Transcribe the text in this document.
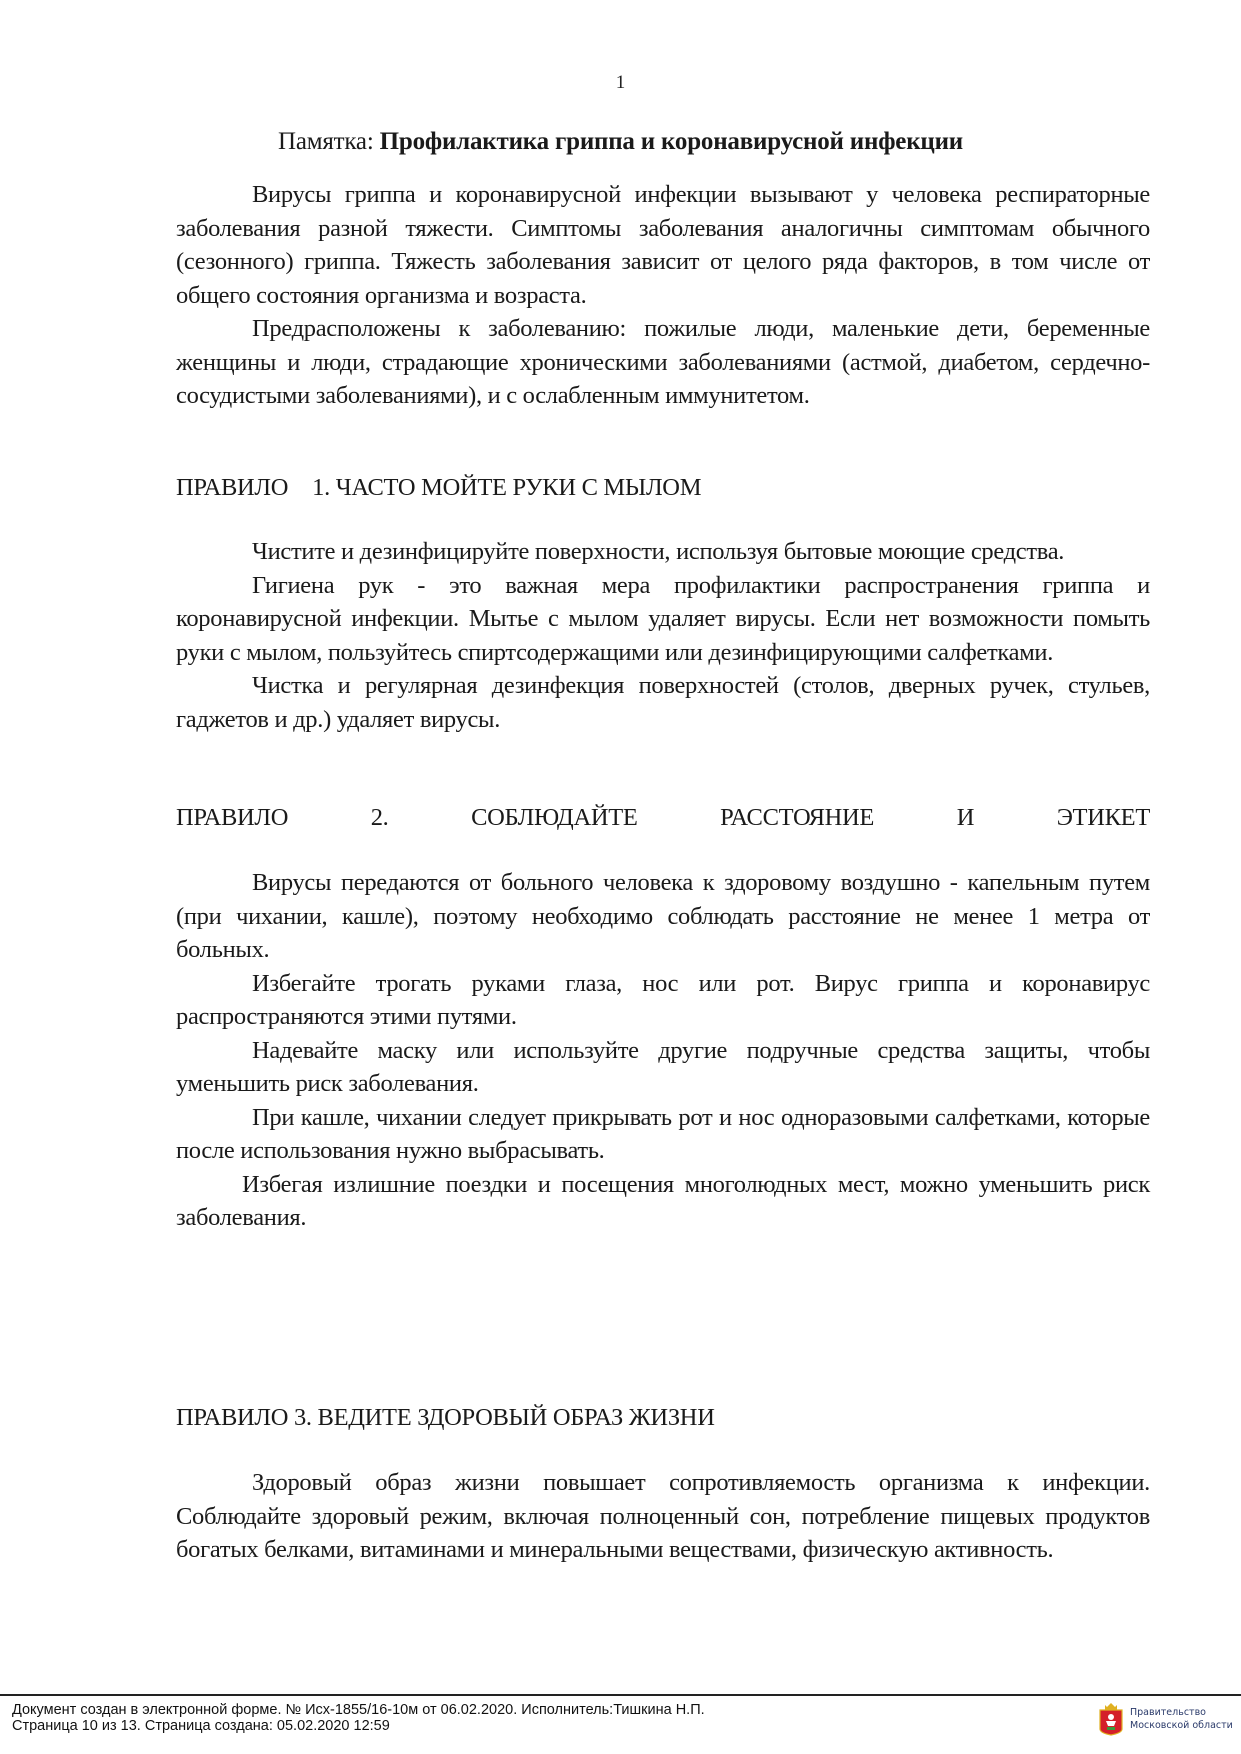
1
Памятка: Профилактика гриппа и коронавирусной инфекции

Вирусы гриппа и коронавирусной инфекции вызывают у человека респираторные заболевания разной тяжести. Симптомы заболевания аналогичны симптомам обычного (сезонного) гриппа. Тяжесть заболевания зависит от целого ряда факторов, в том числе от общего состояния организма и возраста.

Предрасположены к заболеванию: пожилые люди, маленькие дети, беременные женщины и люди, страдающие хроническими заболеваниями (астмой, диабетом, сердечно-сосудистыми заболеваниями), и с ослабленным иммунитетом.

ПРАВИЛО 1. ЧАСТО МОЙТЕ РУКИ С МЫЛОМ

Чистите и дезинфицируйте поверхности, используя бытовые моющие средства.

Гигиена рук - это важная мера профилактики распространения гриппа и коронавирусной инфекции. Мытье с мылом удаляет вирусы. Если нет возможности помыть руки с мылом, пользуйтесь спиртсодержащими или дезинфицирующими салфетками.

Чистка и регулярная дезинфекция поверхностей (столов, дверных ручек, стульев, гаджетов и др.) удаляет вирусы.

ПРАВИЛО	2.	СОБЛЮДАЙТЕ	РАССТОЯНИЕ	И	ЭТИКЕТ

Вирусы передаются от больного человека к здоровому воздушно - капельным путем (при чихании, кашле), поэтому необходимо соблюдать расстояние не менее 1 метра от больных.

Избегайте трогать руками глаза, нос или рот. Вирус гриппа и коронавирус распространяются этими путями.

Надевайте маску или используйте другие подручные средства защиты, чтобы уменьшить риск заболевания.

При кашле, чихании следует прикрывать рот и нос одноразовыми салфетками, которые после использования нужно выбрасывать.

Избегая излишние поездки и посещения многолюдных мест, можно уменьшить риск заболевания.

ПРАВИЛО 3. ВЕДИТЕ ЗДОРОВЫЙ ОБРАЗ ЖИЗНИ

Здоровый образ жизни повышает сопротивляемость организма к инфекции. Соблюдайте здоровый режим, включая полноценный сон, потребление пищевых продуктов богатых белками, витаминами и минеральными веществами, физическую активность.

Документ создан в электронной форме. № Исх-1855/16-10м от 06.02.2020. Исполнитель:Тишкина Н.П.
Страница 10 из 13. Страница создана: 05.02.2020 12:59
Правительство
Московской области
